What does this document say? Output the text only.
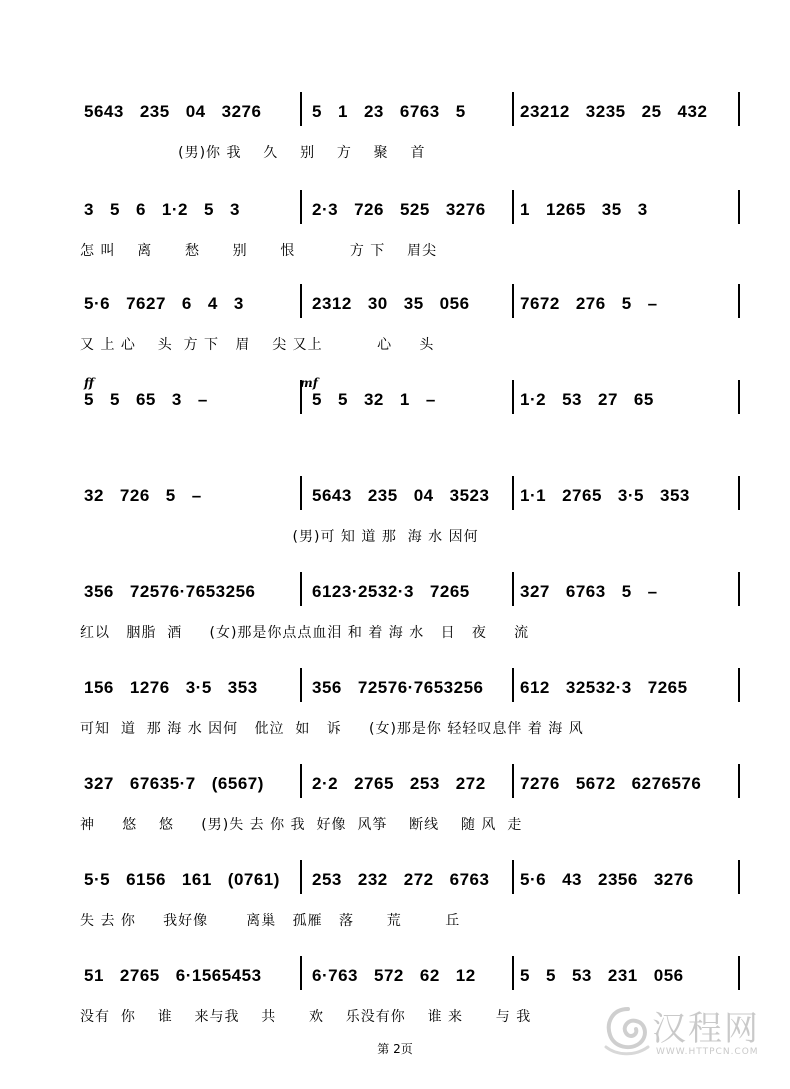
5643 235 04 3276	5 1 23 6763 5	23212 3235 25 432
(男)你 我    久    别    方    聚    首
3 5 6 1·2 5 3	2·3 726 525 3276	1 1265 35 3
怎 叫    离      愁      别      恨          方 下    眉尖
5·6 7627 6 4 3	2312 30 35 056	7672 276 5 –
又 上 心    头  方 下   眉    尖 又上          心     头
5 5 65 3 –	5 5 32 1 –	1·2 53 27 65
32 726 5 –	5643 235 04 3523	1·1 2765 3·5 353
(男)可 知 道 那  海 水 因何
356 72576·7653256	6123·2532·3 7265	327 6763 5 –
红以   胭脂  酒     (女)那是你点点血泪 和 着 海 水   日   夜     流
156 1276 3·5 353	356 72576·7653256	612 32532·3 7265
可知  道  那 海 水 因何   仳泣  如   诉     (女)那是你 轻轻叹息伴 着 海 风
327 67635·7 (6567)	2·2 2765 253 272	7276 5672 6276576
神     悠    悠     (男)失 去 你 我  好像  风筝    断线    随 风  走
5·5 6156 161 (0761)	253 232 272 6763	5·6 43 2356 3276
失 去 你     我好像       离巢   孤雁   落      荒        丘
51 2765 6·1565453	6·763 572 62 12	5 5 53 231 056
没有  你    谁    来与我    共      欢    乐没有你    谁 来      与 我
ff	mf
第 2页	汉程网
WWW.HTTPCN.COM
